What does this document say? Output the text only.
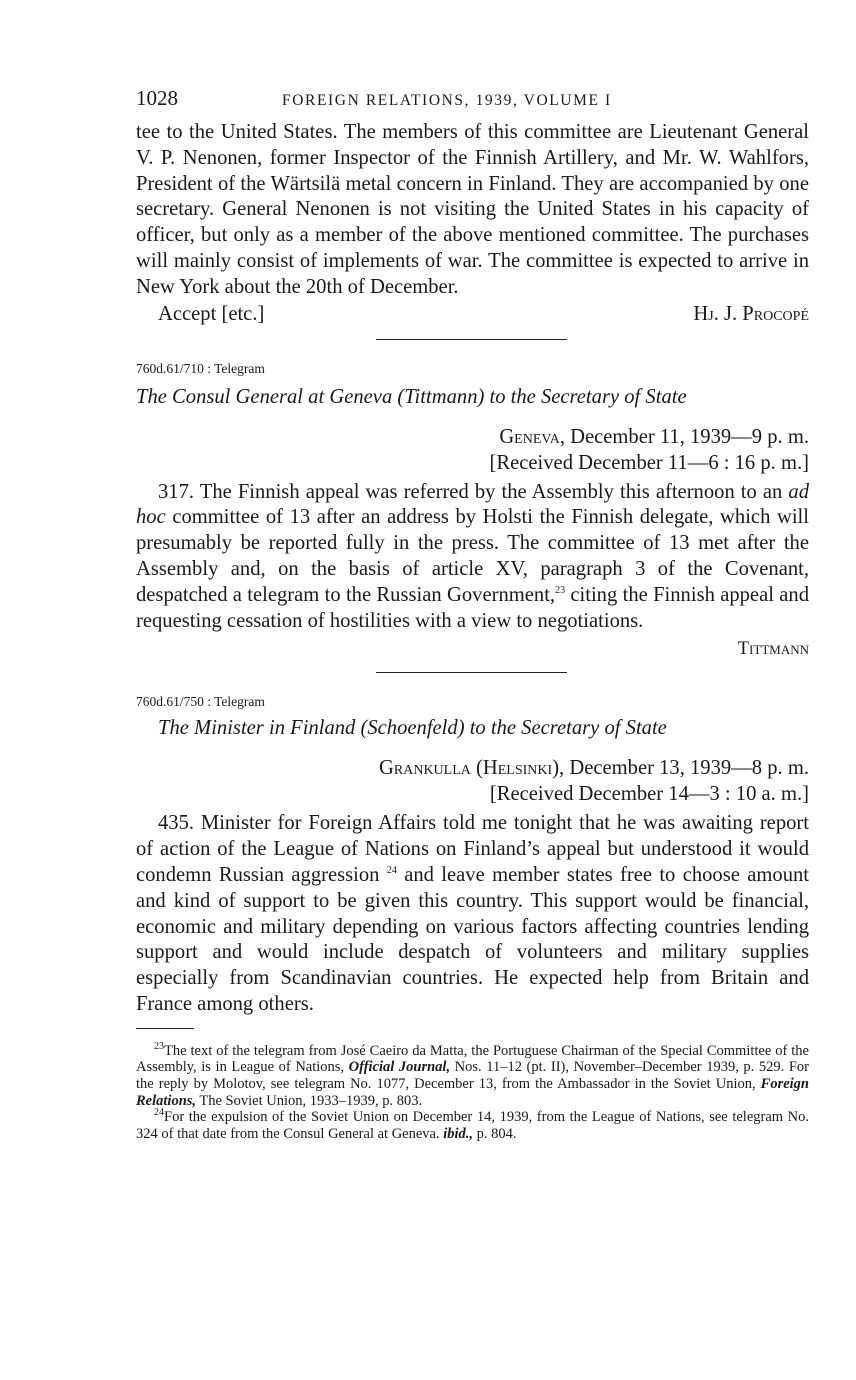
1028	FOREIGN RELATIONS, 1939, VOLUME I

tee to the United States. The members of this committee are Lieutenant General V. P. Nenonen, former Inspector of the Finnish Artillery, and Mr. W. Wahlfors, President of the Wärtsilä metal concern in Finland. They are accompanied by one secretary. General Nenonen is not visiting the United States in his capacity of officer, but only as a member of the above mentioned committee. The purchases will mainly consist of implements of war. The committee is expected to arrive in New York about the 20th of December.

Accept [etc.]	Hj. J. Procopé

760d.61/710 : Telegram

The Consul General at Geneva (Tittmann) to the Secretary of State

Geneva, December 11, 1939—9 p. m.

[Received December 11—6 : 16 p. m.]

317. The Finnish appeal was referred by the Assembly this afternoon to an ad hoc committee of 13 after an address by Holsti the Finnish delegate, which will presumably be reported fully in the press. The committee of 13 met after the Assembly and, on the basis of article XV, paragraph 3 of the Covenant, despatched a telegram to the Russian Government,$^{23}$ citing the Finnish appeal and requesting cessation of hostilities with a view to negotiations.

Tittmann

760d.61/750 : Telegram

The Minister in Finland (Schoenfeld) to the Secretary of State

Grankulla (Helsinki), December 13, 1939—8 p. m.

[Received December 14—3 : 10 a. m.]

435. Minister for Foreign Affairs told me tonight that he was awaiting report of action of the League of Nations on Finland’s appeal but understood it would condemn Russian aggression $^{24}$ and leave member states free to choose amount and kind of support to be given this country. This support would be financial, economic and military depending on various factors affecting countries lending support and would include despatch of volunteers and military supplies especially from Scandinavian countries. He expected help from Britain and France among others.

$^{23}$The text of the telegram from José Caeiro da Matta, the Portuguese Chairman of the Special Committee of the Assembly, is in League of Nations, Official Journal, Nos. 11–12 (pt. II), November–December 1939, p. 529. For the reply by Molotov, see telegram No. 1077, December 13, from the Ambassador in the Soviet Union, Foreign Relations, The Soviet Union, 1933–1939, p. 803.

$^{24}$For the expulsion of the Soviet Union on December 14, 1939, from the League of Nations, see telegram No. 324 of that date from the Consul General at Geneva. ibid., p. 804.
